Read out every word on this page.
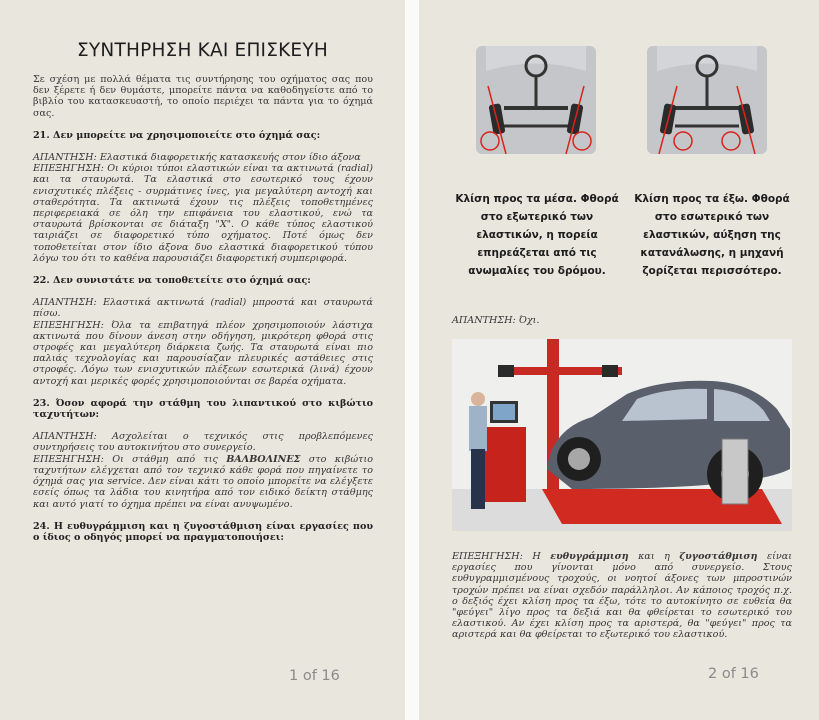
ΣΥΝΤΗΡΗΣΗ ΚΑΙ ΕΠΙΣΚΕΥΗ

Σε σχέση με πολλά θέματα τις συντήρησης του οχήματος σας που δεν ξέρετε ή δεν θυμάστε, μπορείτε πάντα να καθοδηγείστε από το βιβλίο του κατασκευαστή, το οποίο περιέχει τα πάντα για το όχημά σας.

21. Δεν μπορείτε να χρησιμοποιείτε στο όχημά σας:

ΑΠΑΝΤΗΣΗ: Ελαστικά διαφορετικής κατασκευής στον ίδιο άξονα

ΕΠΕΞΗΓΗΣΗ: Οι κύριοι τύποι ελαστικών είναι τα ακτινωτά (radial) και τα σταυρωτά. Τα ελαστικά στο εσωτερικό τους έχουν ενισχυτικές πλέξεις - συρμάτινες ίνες, για μεγαλύτερη αντοχή και σταθερότητα. Τα ακτινωτά έχουν τις πλέξεις τοποθετημένες περιφερειακά σε όλη την επιφάνεια του ελαστικού, ενώ τα σταυρωτά βρίσκονται σε διάταξη "Χ". Ο κάθε τύπος ελαστικού ταιριάζει σε διαφορετικό τύπο οχήματος. Ποτέ όμως δεν τοποθετείται στον ίδιο άξονα δυο ελαστικά διαφορετικού τύπου λόγω του ότι το καθένα παρουσιάζει διαφορετική συμπεριφορά.

22. Δεν συνιστάτε να τοποθετείτε στο όχημά σας:

ΑΠΑΝΤΗΣΗ: Ελαστικά ακτινωτά (radial) μπροστά και σταυρωτά πίσω.

ΕΠΕΞΗΓΗΣΗ: Όλα τα επιβατηγά πλέον χρησιμοποιούν λάστιχα ακτινωτά που δίνουν άνεση στην οδήγηση, μικρότερη φθορά στις στροφές και μεγαλύτερη διάρκεια ζωής. Τα σταυρωτά είναι πιο παλιάς τεχνολογίας και παρουσίαζαν πλευρικές αστάθειες στις στροφές. Λόγω των ενισχυτικών πλέξεων εσωτερικά (λινά) έχουν αντοχή και μερικές φορές χρησιμοποιούνται σε βαρέα οχήματα.

23. Όσον αφορά την στάθμη του λιπαντικού στο κιβώτιο ταχυτήτων:

ΑΠΑΝΤΗΣΗ: Ασχολείται ο τεχνικός στις προβλεπόμενες συντηρήσεις του αυτοκινήτου στο συνεργείο.

ΕΠΕΞΗΓΗΣΗ: Οι στάθμη από τις ΒΑΛΒΟΛΙΝΕΣ στο κιβώτιο ταχυτήτων ελέγχεται από τον τεχνικό κάθε φορά που πηγαίνετε το όχημά σας για service. Δεν είναι κάτι το οποίο μπορείτε να ελέγξετε εσείς όπως τα λάδια του κινητήρα από τον ειδικό δείκτη στάθμης και αυτό γιατί το όχημα πρέπει να είναι ανυψωμένο.

24. Η ευθυγράμμιση και η ζυγοστάθμιση είναι εργασίες που ο ίδιος ο οδηγός μπορεί να πραγματοποιήσει:

1 of 16
Κλίση προς τα μέσα. Φθορά στο εξωτερικό των ελαστικών, η πορεία επηρεάζεται από τις ανωμαλίες του δρόμου.
Κλίση προς τα έξω. Φθορά στο εσωτερικό των ελαστικών, αύξηση της κατανάλωσης, η μηχανή ζορίζεται περισσότερο.
ΑΠΑΝΤΗΣΗ: Όχι.

ΕΠΕΞΗΓΗΣΗ: Η ευθυγράμμιση και η ζυγοστάθμιση είναι εργασίες που γίνονται μόνο από συνεργείο. Στους ευθυγραμμισμένους τροχούς, οι νοητοί άξονες των μπροστινών τροχών πρέπει να είναι σχεδόν παράλληλοι. Αν κάποιος τροχός π.χ. ο δεξιός έχει κλίση προς τα έξω, τότε το αυτοκίνητο σε ευθεία θα "φεύγει" λίγο προς τα δεξιά και θα φθείρεται το εσωτερικό του ελαστικού. Αν έχει κλίση προς τα αριστερά, θα "φεύγει" προς τα αριστερά και θα φθείρεται το εξωτερικό του ελαστικού.

2 of 16
